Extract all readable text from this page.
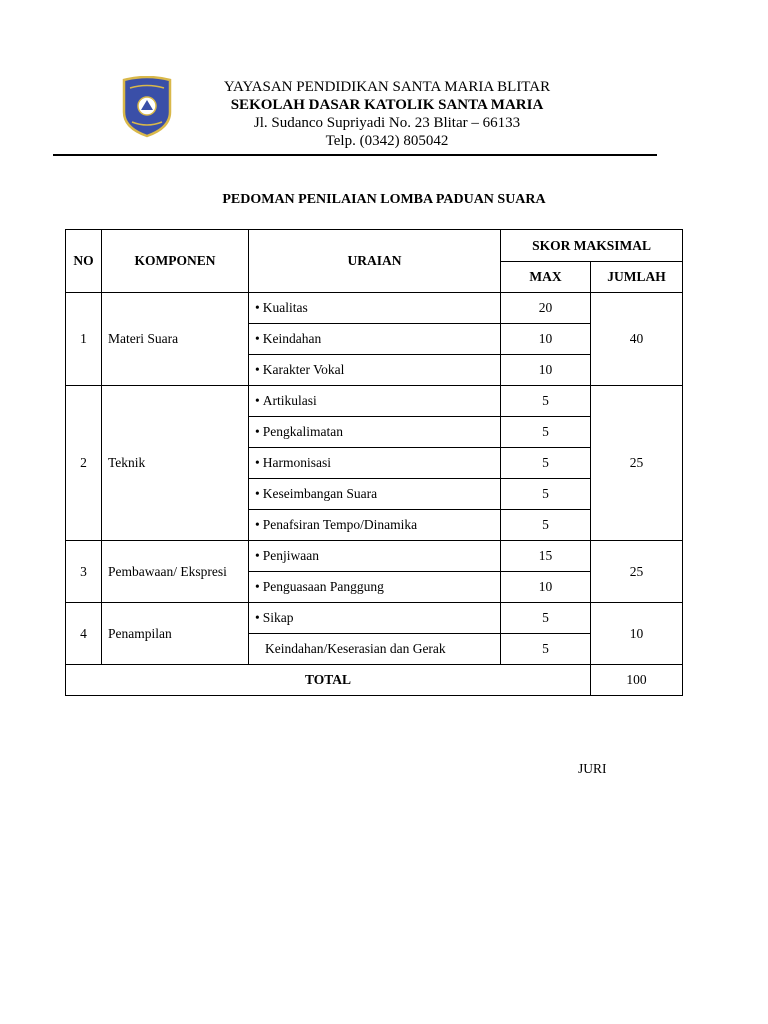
YAYASAN PENDIDIKAN SANTA MARIA BLITAR
SEKOLAH DASAR KATOLIK SANTA MARIA
Jl. Sudanco Supriyadi No. 23 Blitar – 66133
Telp. (0342) 805042
PEDOMAN PENILAIAN LOMBA PADUAN SUARA
NO	KOMPONEN	URAIAN	SKOR MAKSIMAL	
			MAX	JUMLAH
1	Materi Suara	• Kualitas	20	40
		• Keindahan	10	
		• Karakter Vokal	10	
2	Teknik	• Artikulasi	5	25
		• Pengkalimatan	5	
		• Harmonisasi	5	
		• Keseimbangan Suara	5	
		• Penafsiran Tempo/Dinamika	5	
3	Pembawaan/ Ekspresi	• Penjiwaan	15	25
		• Penguasaan Panggung	10	
4	Penampilan	• Sikap	5	10
		Keindahan/Keserasian dan Gerak	5	
TOTAL				100
JURI
